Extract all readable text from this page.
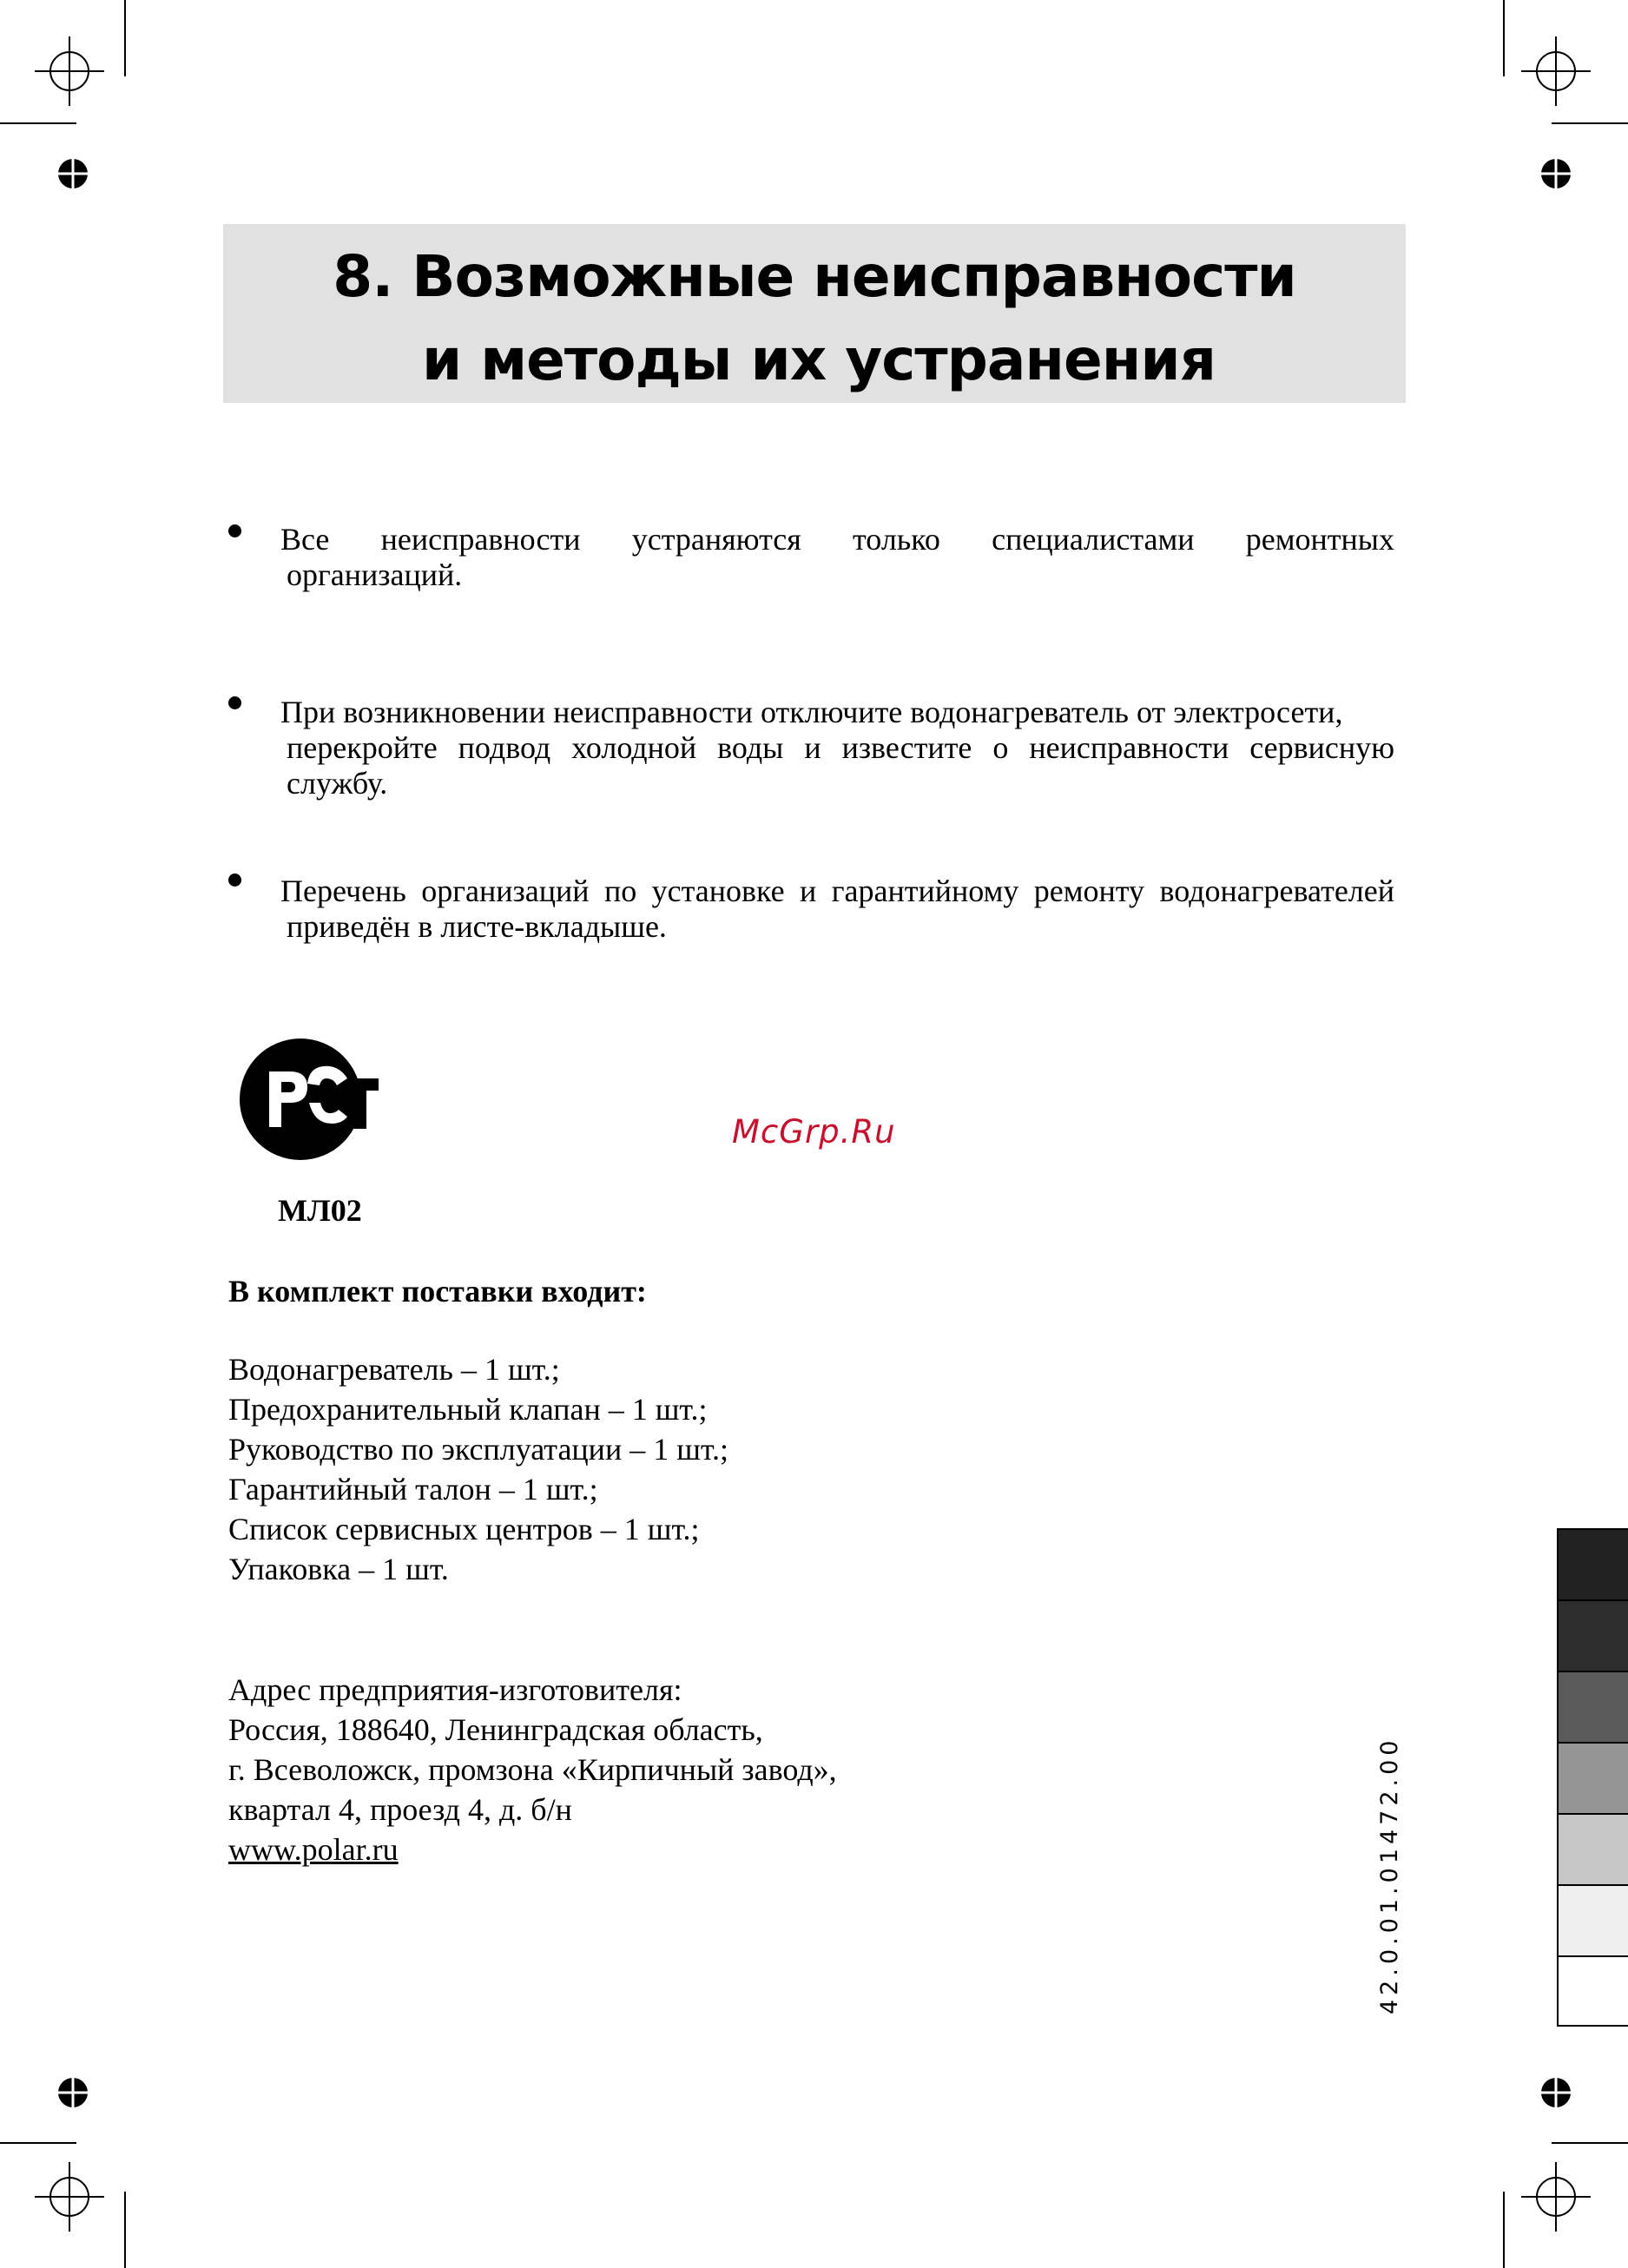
8. Возможные неисправности
и методы их устранения
Все неисправности устраняются только специалистами ремонтных
организаций.
При возникновении неисправности отключите водонагреватель от электросети,
перекройте подвод холодной воды и известите о неисправности сервисную
службу.
Перечень организаций по установке и гарантийному ремонту водонагревателей
приведён в листе-вкладыше.
МЛ02
McGrp.Ru
В комплект поставки входит:
Водонагреватель – 1 шт.;
Предохранительный клапан – 1 шт.;
Руководство по эксплуатации – 1 шт.;
Гарантийный талон – 1 шт.;
Список сервисных центров – 1 шт.;
Упаковка – 1 шт.
Адрес предприятия-изготовителя:
Россия, 188640, Ленинградская область,
г. Всеволожск, промзона «Кирпичный завод»,
квартал 4, проезд 4, д. б/н
www.polar.ru	42.0.01.01472.00
